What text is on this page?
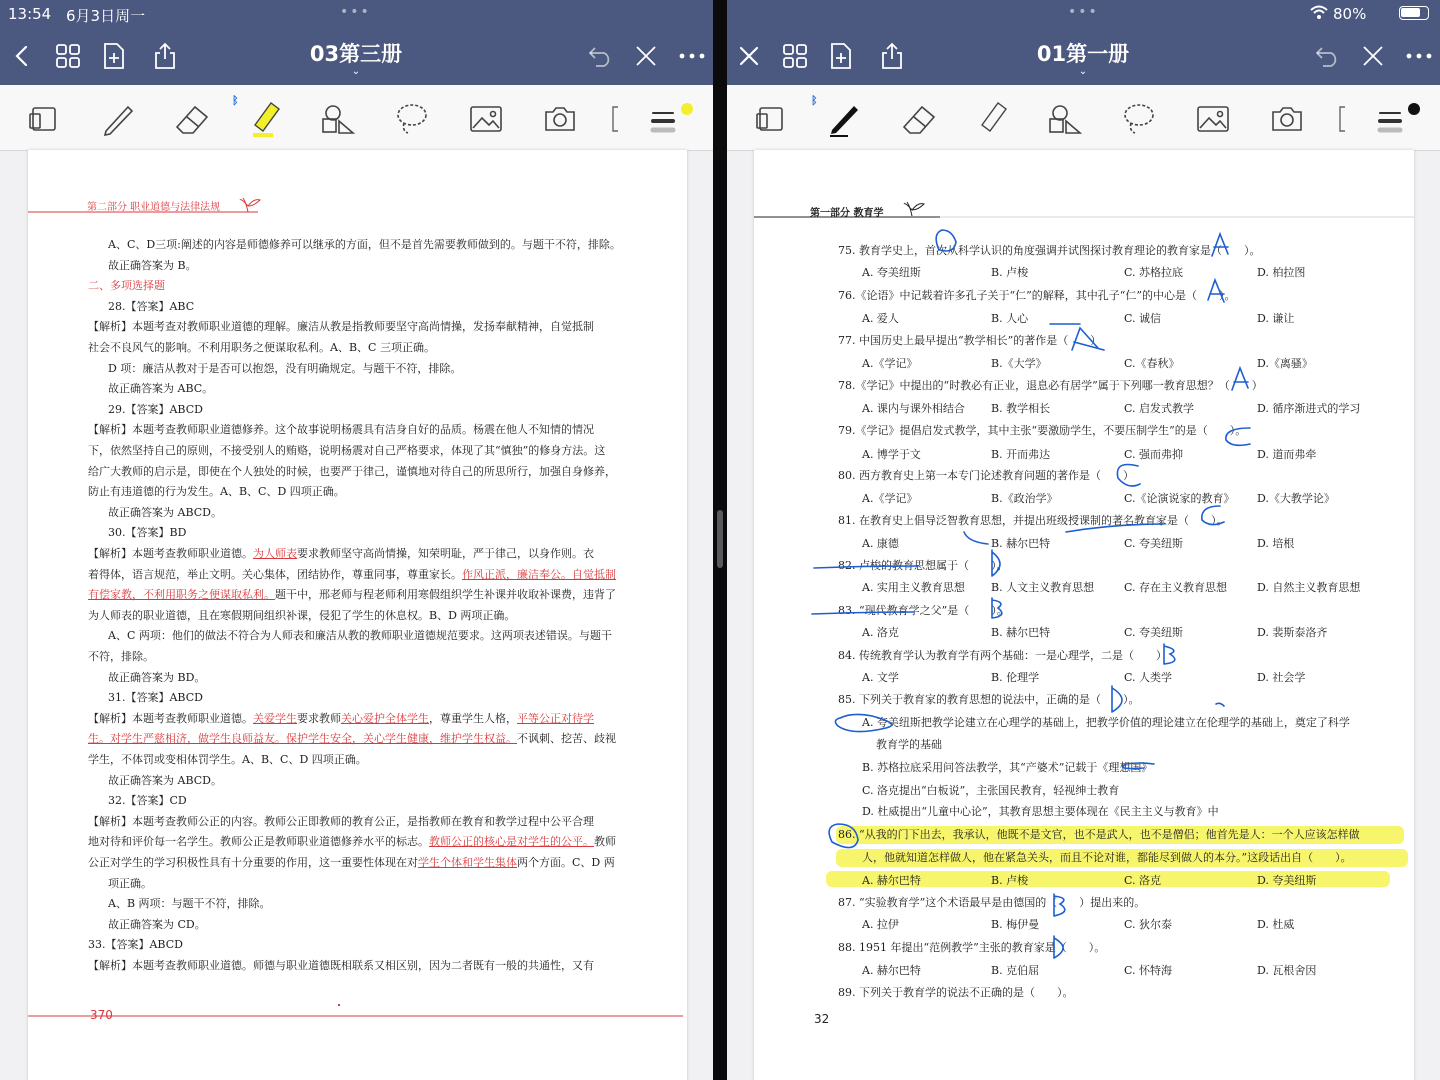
13:54 6月3日周一	•••
03第三册
⌄
ᛒ
第二部分 职业道德与法律法规
A、C、D三项:阐述的内容是师德修养可以继承的方面，但不是首先需要教师做到的。与题干不符，排除。
故正确答案为 B。
二、多项选择题
28.【答案】ABC
【解析】本题考查对教师职业道德的理解。廉洁从教是指教师要坚守高尚情操，发扬奉献精神，自觉抵制
社会不良风气的影响。不利用职务之便谋取私利。A、B、C 三项正确。
D 项：廉洁从教对于是否可以抱怨，没有明确规定。与题干不符，排除。
故正确答案为 ABC。
29.【答案】ABCD
【解析】本题考查教师职业道德修养。这个故事说明杨震具有洁身自好的品质。杨震在他人不知情的情况
下，依然坚持自己的原则，不接受别人的贿赂，说明杨震对自己严格要求，体现了其“慎独”的修身方法。这
给广大教师的启示是，即使在个人独处的时候，也要严于律己，谨慎地对待自己的所思所行，加强自身修养，
防止有违道德的行为发生。A、B、C、D 四项正确。
故正确答案为 ABCD。
30.【答案】BD
【解析】本题考查教师职业道德。为人师表要求教师坚守高尚情操，知荣明耻，严于律己，以身作则。衣
着得体，语言规范，举止文明。关心集体，团结协作，尊重同事，尊重家长。作风正派，廉洁奉公。自觉抵制
有偿家教，不利用职务之便谋取私利。题干中，邢老师与程老师利用寒假组织学生补课并收取补课费，违背了
为人师表的职业道德，且在寒假期间组织补课，侵犯了学生的休息权。B、D 两项正确。
A、C 两项：他们的做法不符合为人师表和廉洁从教的教师职业道德规范要求。这两项表述错误。与题干
不符，排除。
故正确答案为 BD。
31.【答案】ABCD
【解析】本题考查教师职业道德。关爱学生要求教师关心爱护全体学生，尊重学生人格，平等公正对待学
生。对学生严慈相济，做学生良师益友。保护学生安全，关心学生健康，维护学生权益。不讽刺、挖苦、歧视
学生，不体罚或变相体罚学生。A、B、C、D 四项正确。
故正确答案为 ABCD。
32.【答案】CD
【解析】本题考查教师公正的内容。教师公正即教师的教育公正，是指教师在教育和教学过程中公平合理
地对待和评价每一名学生。教师公正是教师职业道德修养水平的标志。教师公正的核心是对学生的公平。教师
公正对学生的学习积极性具有十分重要的作用，这一重要性体现在对学生个体和学生集体两个方面。C、D 两
项正确。
A、B 两项：与题干不符，排除。
故正确答案为 CD。
33.【答案】ABCD
【解析】本题考查教师职业道德。师德与职业道德既相联系又相区别，因为二者既有一般的共通性，又有
370
•••	80%
01第一册
⌄
ᛒ
第一部分 教育学
75. 教育学史上，首次从科学认识的角度强调并试图探讨教育理论的教育家是（　　）。
A. 夸美纽斯	B. 卢梭	C. 苏格拉底	D. 柏拉图
76.《论语》中记载着许多孔子关于“仁”的解释，其中孔子“仁”的中心是（　　）。
A. 爱人	B. 人心	C. 诚信	D. 谦让
77. 中国历史上最早提出“教学相长”的著作是（　　）
A.《学记》	B.《大学》	C.《春秋》	D.《离骚》
78.《学记》中提出的“时教必有正业，退息必有居学”属于下列哪一教育思想？（　　）
A. 课内与课外相结合 B. 教学相长	C. 启发式教学	D. 循序渐进式的学习
79.《学记》提倡启发式教学，其中主张“要激励学生，不要压制学生”的是（　　）。
A. 博学于文	B. 开而弗达	C. 强而弗抑	D. 道而弗牵
80. 西方教育史上第一本专门论述教育问题的著作是（　　）
A.《学记》	B.《政治学》	C.《论演说家的教育》 D.《大教学论》
81. 在教育史上倡导泛智教育思想，并提出班级授课制的著名教育家是（　　）。
A. 康德	B. 赫尔巴特	C. 夸美纽斯	D. 培根
82. 卢梭的教育思想属于（　　）。
A. 实用主义教育思想 B. 人文主义教育思想	C. 存在主义教育思想	D. 自然主义教育思想
83. “现代教育学之父”是（　　）。
A. 洛克	B. 赫尔巴特	C. 夸美纽斯	D. 裴斯泰洛齐
84. 传统教育学认为教育学有两个基础：一是心理学，二是（　　）
A. 文学	B. 伦理学	C. 人类学	D. 社会学
85. 下列关于教育家的教育思想的说法中，正确的是（　　）。
A. 夸美纽斯把教学论建立在心理学的基础上，把教学价值的理论建立在伦理学的基础上，奠定了科学
教育学的基础
B. 苏格拉底采用问答法教学，其“产婆术”记载于《理想国》
C. 洛克提出“白板说”，主张国民教育，轻视绅士教育
D. 杜威提出“儿童中心论”，其教育思想主要体现在《民主主义与教育》中
86. “从我的门下出去，我承认，他既不是文官，也不是武人，也不是僧侣；他首先是人：一个人应该怎样做
人，他就知道怎样做人，他在紧急关头，而且不论对谁，都能尽到做人的本分。”这段话出自（　　）。
A. 赫尔巴特	B. 卢梭	C. 洛克	D. 夸美纽斯
87. “实验教育学”这个术语最早是由德国的（　　）提出来的。
A. 拉伊	B. 梅伊曼	C. 狄尔泰	D. 杜威
88. 1951 年提出“范例教学”主张的教育家是（　　）。
A. 赫尔巴特	B. 克伯屈	C. 怀特海	D. 瓦根舍因
89. 下列关于教育学的说法不正确的是（　　）。
32
